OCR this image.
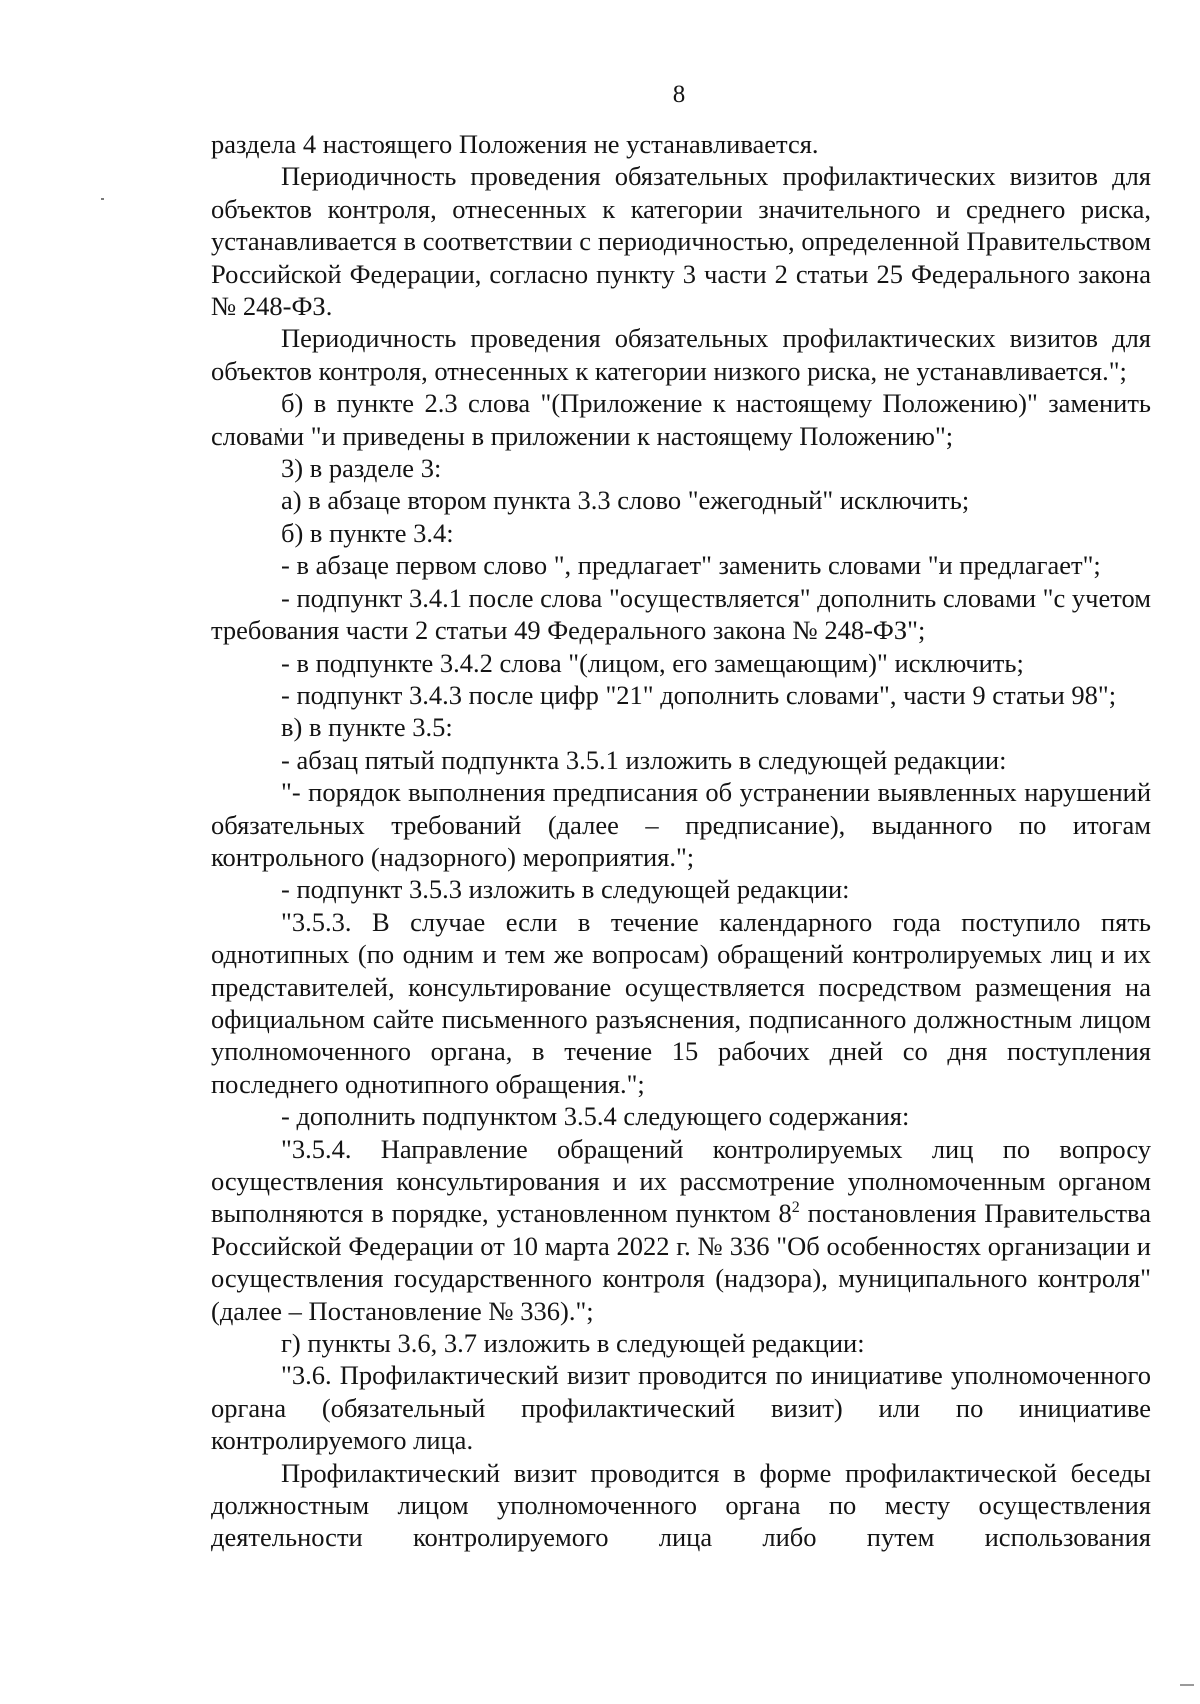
8

раздела 4 настоящего Положения не устанавливается.

Периодичность проведения обязательных профилактических визитов для объектов контроля, отнесенных к категории значительного и среднего риска, устанавливается в соответствии с периодичностью, определенной Правительством Российской Федерации, согласно пункту 3 части 2 статьи 25 Федерального закона № 248-ФЗ.

Периодичность проведения обязательных профилактических визитов для объектов контроля, отнесенных к категории низкого риска, не устанавливается.";

б) в пункте 2.3 слова "(Приложение к настоящему Положению)" заменить словами "и приведены в приложении к настоящему Положению";

3) в разделе 3:

а) в абзаце втором пункта 3.3 слово "ежегодный" исключить;

б) в пункте 3.4:

- в абзаце первом слово ", предлагает" заменить словами "и предлагает";

- подпункт 3.4.1 после слова "осуществляется" дополнить словами "с учетом требования части 2 статьи 49 Федерального закона № 248-ФЗ";

- в подпункте 3.4.2 слова "(лицом, его замещающим)" исключить;

- подпункт 3.4.3 после цифр "21" дополнить словами", части 9 статьи 98";

в) в пункте 3.5:

- абзац пятый подпункта 3.5.1 изложить в следующей редакции:

"- порядок выполнения предписания об устранении выявленных нарушений обязательных требований (далее – предписание), выданного по итогам контрольного (надзорного) мероприятия.";

- подпункт 3.5.3 изложить в следующей редакции:

"3.5.3. В случае если в течение календарного года поступило пять однотипных (по одним и тем же вопросам) обращений контролируемых лиц и их представителей, консультирование осуществляется посредством размещения на официальном сайте письменного разъяснения, подписанного должностным лицом уполномоченного органа, в течение 15 рабочих дней со дня поступления последнего однотипного обращения.";

- дополнить подпунктом 3.5.4 следующего содержания:

"3.5.4. Направление обращений контролируемых лиц по вопросу осуществления консультирования и их рассмотрение уполномоченным органом выполняются в порядке, установленном пунктом $8^2$ постановления Правительства Российской Федерации от 10 марта 2022 г. № 336 "Об особенностях организации и осуществления государственного контроля (надзора), муниципального контроля" (далее – Постановление № 336).";

г) пункты 3.6, 3.7 изложить в следующей редакции:

"3.6. Профилактический визит проводится по инициативе уполномоченного органа (обязательный профилактический визит) или по инициативе контролируемого лица.

Профилактический визит проводится в форме профилактической беседы должностным лицом уполномоченного органа по месту осуществления деятельности контролируемого лица либо путем использования
